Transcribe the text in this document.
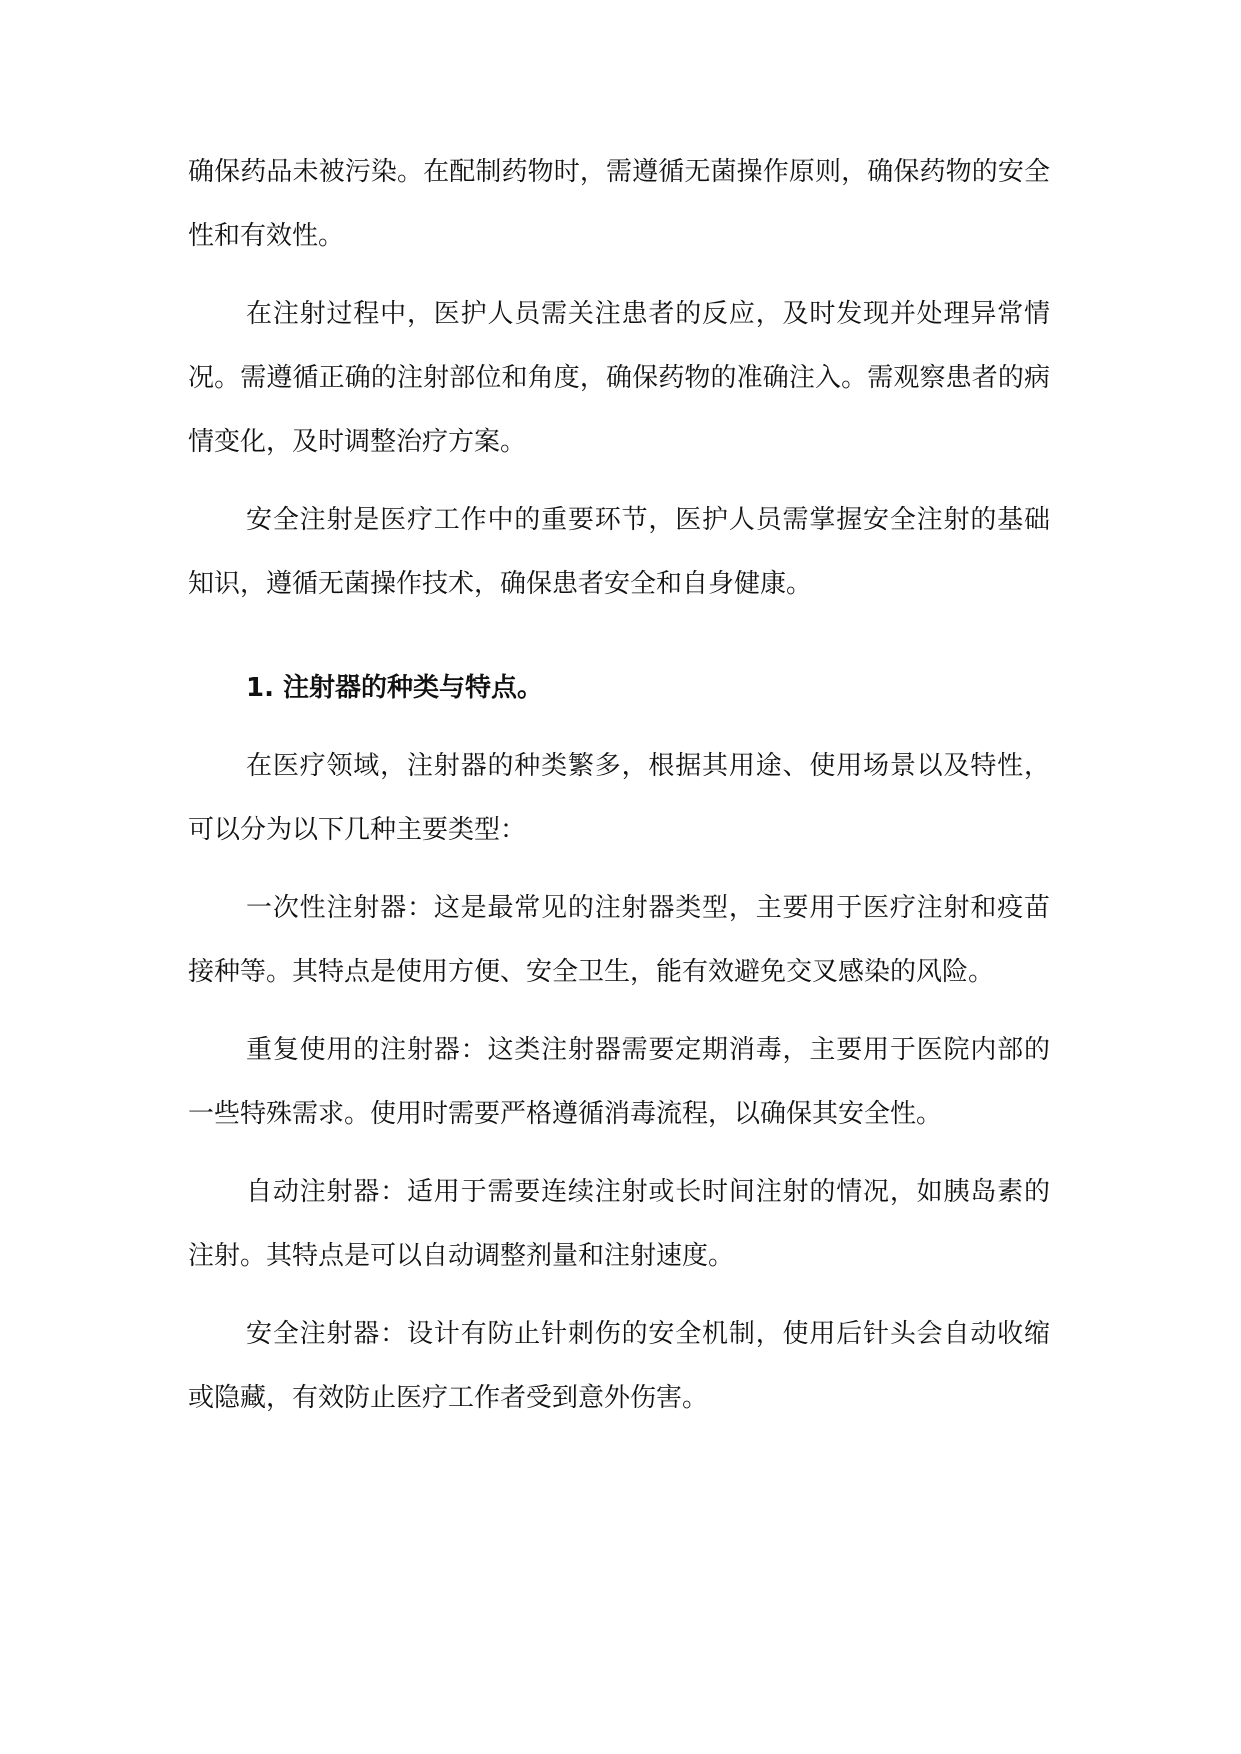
确保药品未被污染。在配制药物时，需遵循无菌操作原则，确保药物的安全性和有效性。

在注射过程中，医护人员需关注患者的反应，及时发现并处理异常情况。需遵循正确的注射部位和角度，确保药物的准确注入。需观察患者的病情变化，及时调整治疗方案。

安全注射是医疗工作中的重要环节，医护人员需掌握安全注射的基础知识，遵循无菌操作技术，确保患者安全和自身健康。

1. 注射器的种类与特点。

在医疗领域，注射器的种类繁多，根据其用途、使用场景以及特性，可以分为以下几种主要类型：

一次性注射器：这是最常见的注射器类型，主要用于医疗注射和疫苗接种等。其特点是使用方便、安全卫生，能有效避免交叉感染的风险。

重复使用的注射器：这类注射器需要定期消毒，主要用于医院内部的一些特殊需求。使用时需要严格遵循消毒流程，以确保其安全性。

自动注射器：适用于需要连续注射或长时间注射的情况，如胰岛素的注射。其特点是可以自动调整剂量和注射速度。

安全注射器：设计有防止针刺伤的安全机制，使用后针头会自动收缩或隐藏，有效防止医疗工作者受到意外伤害。
